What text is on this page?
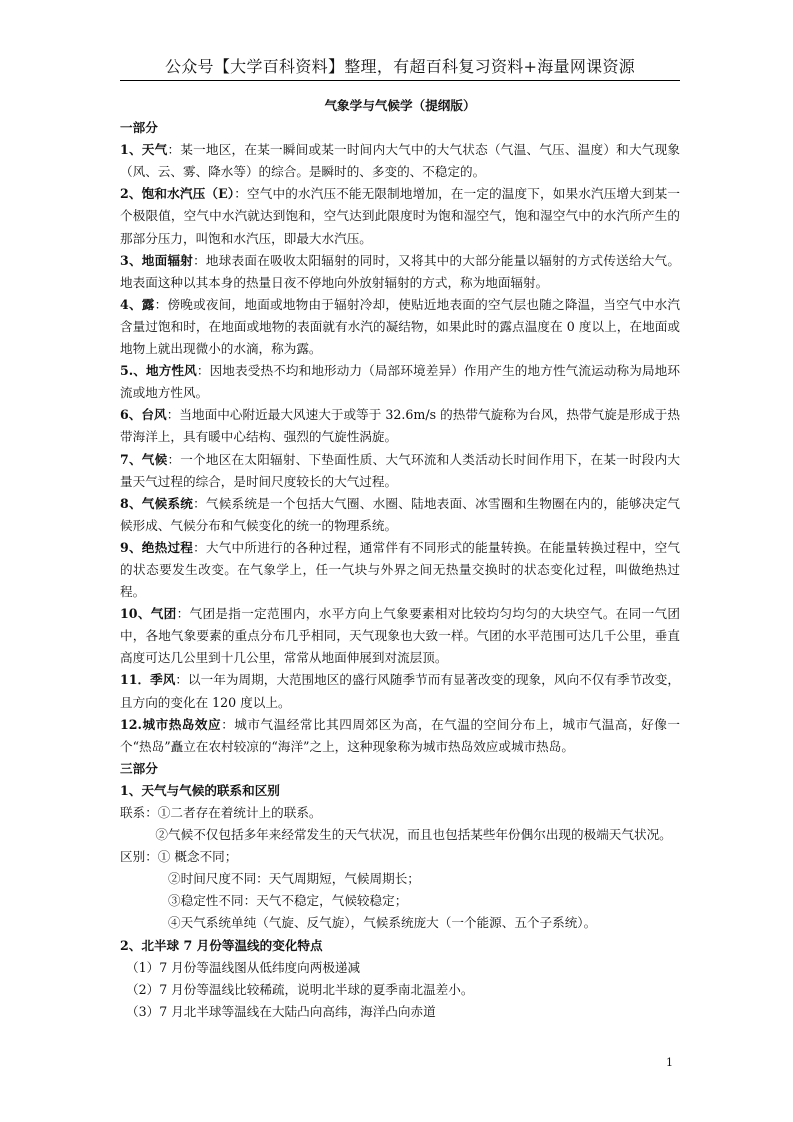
公众号【大学百科资料】整理，有超百科复习资料+海量网课资源
气象学与气候学（提纲版）
一部分
1、天气：某一地区，在某一瞬间或某一时间内大气中的大气状态（气温、气压、温度）和大气现象（风、云、雾、降水等）的综合。是瞬时的、多变的、不稳定的。
2、饱和水汽压（E）：空气中的水汽压不能无限制地增加，在一定的温度下，如果水汽压增大到某一个极限值，空气中水汽就达到饱和，空气达到此限度时为饱和湿空气，饱和湿空气中的水汽所产生的那部分压力，叫饱和水汽压，即最大水汽压。
3、地面辐射：地球表面在吸收太阳辐射的同时，又将其中的大部分能量以辐射的方式传送给大气。地表面这种以其本身的热量日夜不停地向外放射辐射的方式，称为地面辐射。
4、露：傍晚或夜间，地面或地物由于辐射冷却，使贴近地表面的空气层也随之降温，当空气中水汽含量过饱和时，在地面或地物的表面就有水汽的凝结物，如果此时的露点温度在 0 度以上，在地面或地物上就出现微小的水滴，称为露。
5.、地方性风：因地表受热不均和地形动力（局部环境差异）作用产生的地方性气流运动称为局地环流或地方性风。
6、台风：当地面中心附近最大风速大于或等于 32.6m/s 的热带气旋称为台风，热带气旋是形成于热带海洋上，具有暖中心结构、强烈的气旋性涡旋。
7、气候：一个地区在太阳辐射、下垫面性质、大气环流和人类活动长时间作用下，在某一时段内大量天气过程的综合，是时间尺度较长的大气过程。
8、气候系统：气候系统是一个包括大气圈、水圈、陆地表面、冰雪圈和生物圈在内的，能够决定气候形成、气候分布和气候变化的统一的物理系统。
9、绝热过程：大气中所进行的各种过程，通常伴有不同形式的能量转换。在能量转换过程中，空气的状态要发生改变。在气象学上，任一气块与外界之间无热量交换时的状态变化过程，叫做绝热过程。
10、气团：气团是指一定范围内，水平方向上气象要素相对比较均匀均匀的大块空气。在同一气团中，各地气象要素的重点分布几乎相同，天气现象也大致一样。气团的水平范围可达几千公里，垂直高度可达几公里到十几公里，常常从地面伸展到对流层顶。
11．季风：以一年为周期，大范围地区的盛行风随季节而有显著改变的现象，风向不仅有季节改变，且方向的变化在 120 度以上。
12.城市热岛效应：城市气温经常比其四周郊区为高，在气温的空间分布上，城市气温高，好像一个“热岛”矗立在农村较凉的“海洋”之上，这种现象称为城市热岛效应或城市热岛。
三部分
1、天气与气候的联系和区别
联系：①二者存在着统计上的联系。
②气候不仅包括多年来经常发生的天气状况，而且也包括某些年份偶尔出现的极端天气状况。
区别：① 概念不同；
②时间尺度不同：天气周期短，气候周期长；
③稳定性不同：天气不稳定，气候较稳定；
④天气系统单纯（气旋、反气旋），气候系统庞大（一个能源、五个子系统）。
2、北半球 7 月份等温线的变化特点
（1）7 月份等温线图从低纬度向两极递减
（2）7 月份等温线比较稀疏，说明北半球的夏季南北温差小。
（3）7 月北半球等温线在大陆凸向高纬，海洋凸向赤道
1
